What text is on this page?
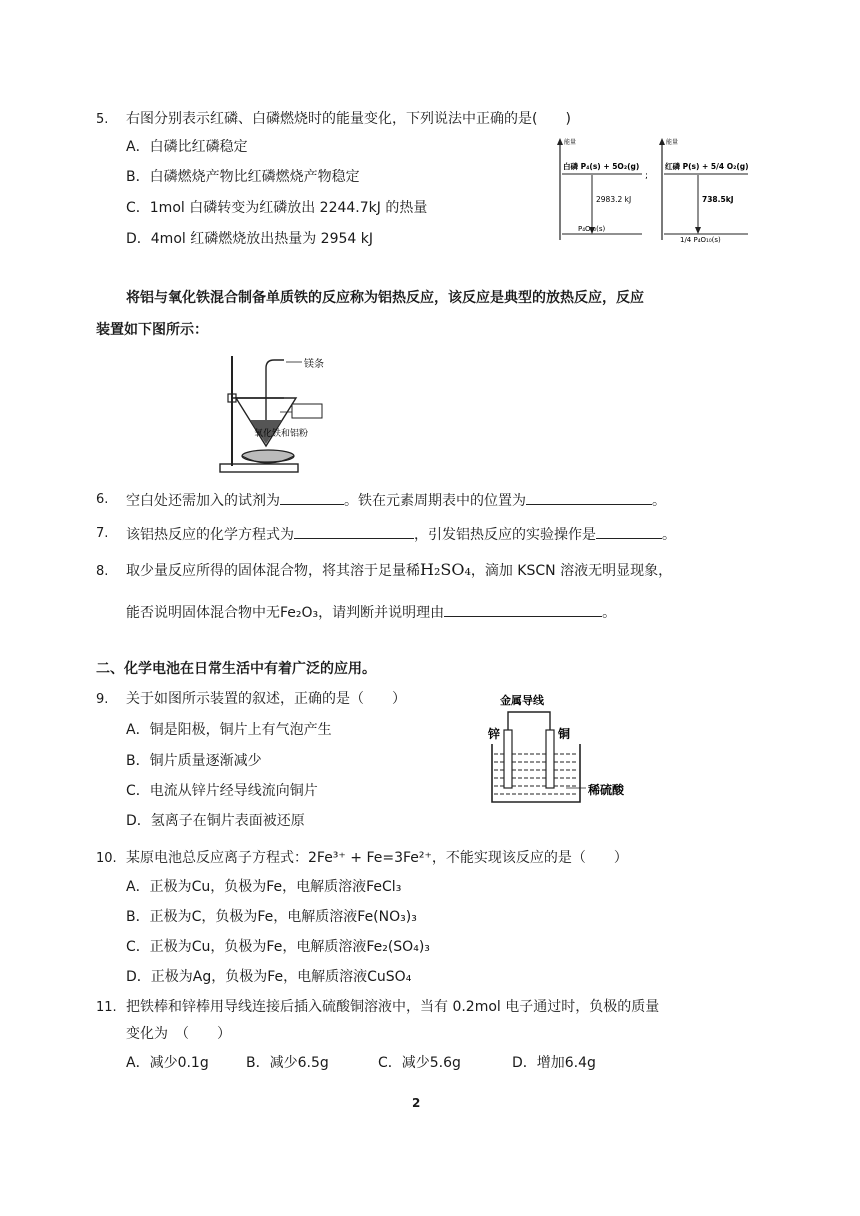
5. 右图分别表示红磷、白磷燃烧时的能量变化，下列说法中正确的是(　　)
A．白磷比红磷稳定
B．白磷燃烧产物比红磷燃烧产物稳定
C．1mol 白磷转变为红磷放出 2244.7kJ 的热量
D．4mol 红磷燃烧放出热量为 2954 kJ
能量
白磷 P₄(s) + 5O₂(g)
2983.2 kJ
P₄O₁₀(s)
;
能量
红磷 P(s) + 5/4 O₂(g)
738.5kJ
1/4 P₄O₁₀(s)
将铝与氧化铁混合制备单质铁的反应称为铝热反应，该反应是典型的放热反应，反应
装置如下图所示：
镁条
氧化铁和铝粉
6. 空白处还需加入的试剂为	。铁在元素周期表中的位置为	。
7. 该铝热反应的化学方程式为	，引发铝热反应的实验操作是	。
8. 取少量反应所得的固体混合物，将其溶于足量稀H₂SO₄，滴加 KSCN 溶液无明显现象，
能否说明固体混合物中无Fe₂O₃，请判断并说明理由	。
二、化学电池在日常生活中有着广泛的应用。
9. 关于如图所示装置的叙述，正确的是（　　）
A．铜是阳极，铜片上有气泡产生
B．铜片质量逐渐减少
C．电流从锌片经导线流向铜片
D．氢离子在铜片表面被还原
金属导线
锌	铜
稀硫酸
10. 某原电池总反应离子方程式：2Fe³⁺ + Fe=3Fe²⁺，不能实现该反应的是（　　）
A．正极为Cu，负极为Fe，电解质溶液FeCl₃
B．正极为C，负极为Fe，电解质溶液Fe(NO₃)₃
C．正极为Cu，负极为Fe，电解质溶液Fe₂(SO₄)₃
D．正极为Ag，负极为Fe，电解质溶液CuSO₄
11. 把铁棒和锌棒用导线连接后插入硫酸铜溶液中，当有 0.2mol 电子通过时，负极的质量
变化为　（　　）
A．减少0.1g	B．减少6.5g	C．减少5.6g	D．增加6.4g
2
